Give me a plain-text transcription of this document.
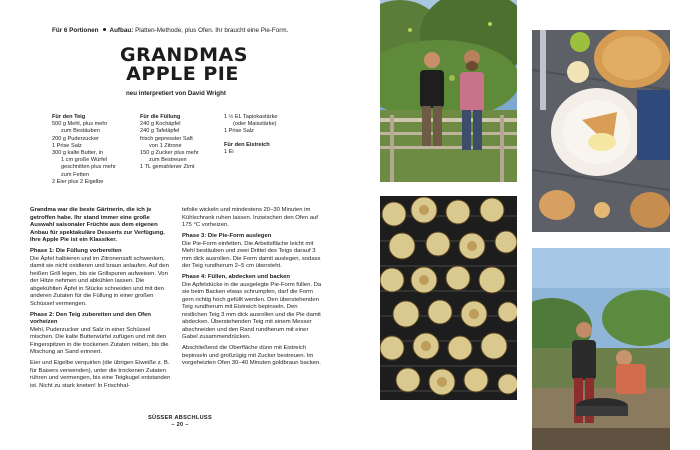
Für 6 Portionen Aufbau: Platten-Methode, plus Ofen. Ihr braucht eine Pie-Form.
GRANDMAS
APPLE PIE
neu interpretiert von David Wright
Für den Teig
500 g Mehl, plus mehr
zum Bestäuben
200 g Puderzucker
1 Prise Salz
300 g kalte Butter, in
1 cm große Würfel
geschnitten plus mehr
zum Fetten
2 Eier plus 2 Eigelbe
Für die Füllung
240 g Kochäpfel
240 g Tafeläpfel
frisch gepresster Saft
von 1 Zitrone
150 g Zucker plus mehr
zum Bestreuen
1 TL gemahlener Zimt
1 ½ EL Tapiokastärke
(oder Maisstärke)
1 Prise Salz
Für den Eistreich
1 Ei

Grandma war die beste Gärtnerin, die ich je getroffen habe. Ihr stand immer eine große Auswahl saisonaler Früchte aus dem eigenen Anbau für spektakuläre Desserts zur Verfügung. Ihre Apple Pie ist ein Klassiker.

Phase 1: Die Füllung vorbereiten

Die Äpfel halbieren und im Zitronensaft schwenken, damit sie nicht oxidieren und braun anlaufen. Auf den heißen Grill legen, bis sie Grillspuren aufweisen. Von der Hitze nehmen und abkühlen lassen. Die abgekühlten Äpfel in Stücke schneiden und mit den anderen Zutaten für die Füllung in einer großen Schüssel vermengen.

Phase 2: Den Teig zubereiten und den Ofen vorheizen

Mehl, Puderzucker und Salz in einer Schüssel mischen. Die kalte Butterwürfel zufügen und mit den Fingerspitzen in die trockenen Zutaten reiben, bis die Mischung an Sand erinnert.

Eier und Eigelbe verquirlen (die übrigen Eiweiße z. B. für Baisers verwenden), unter die trockenen Zutaten rühren und vermengen, bis eine Teigkugel entstanden ist. Nicht zu stark kneten! In Frischhal-

tefolie wickeln und mindestens 20–30 Minuten im Kühlschrank ruhen lassen. Inzwischen den Ofen auf 175 °C vorheizen.

Phase 3: Die Pie-Form auslegen

Die Pie-Form einfetten. Die Arbeitsfläche leicht mit Mehl bestäuben und zwei Drittel des Teigs darauf 3 mm dick ausrollen. Die Form damit auslegen, sodass der Teig rundherum 2–5 cm übersteht.

Phase 4: Füllen, abdecken und backen

Die Apfelstücke in die ausgelegte Pie-Form füllen. Da sie beim Backen etwas schrumpfen, darf die Form gern richtig hoch gefüllt werden. Den überstehenden Teig rundherum mit Eistreich bepinseln. Den restlichen Teig 3 mm dick ausrollen und die Pie damit abdecken. Überstehenden Teig mit einem Messer abschneiden und den Rand rundherum mit einer Gabel zusammendrücken.

Abschließend die Oberfläche dünn mit Eistreich bepinseln und großzügig mit Zucker bestreuen. Im vorgeheizten Ofen 30–40 Minuten goldbraun backen.

SÜSSER ABSCHLUSS
– 20 –
